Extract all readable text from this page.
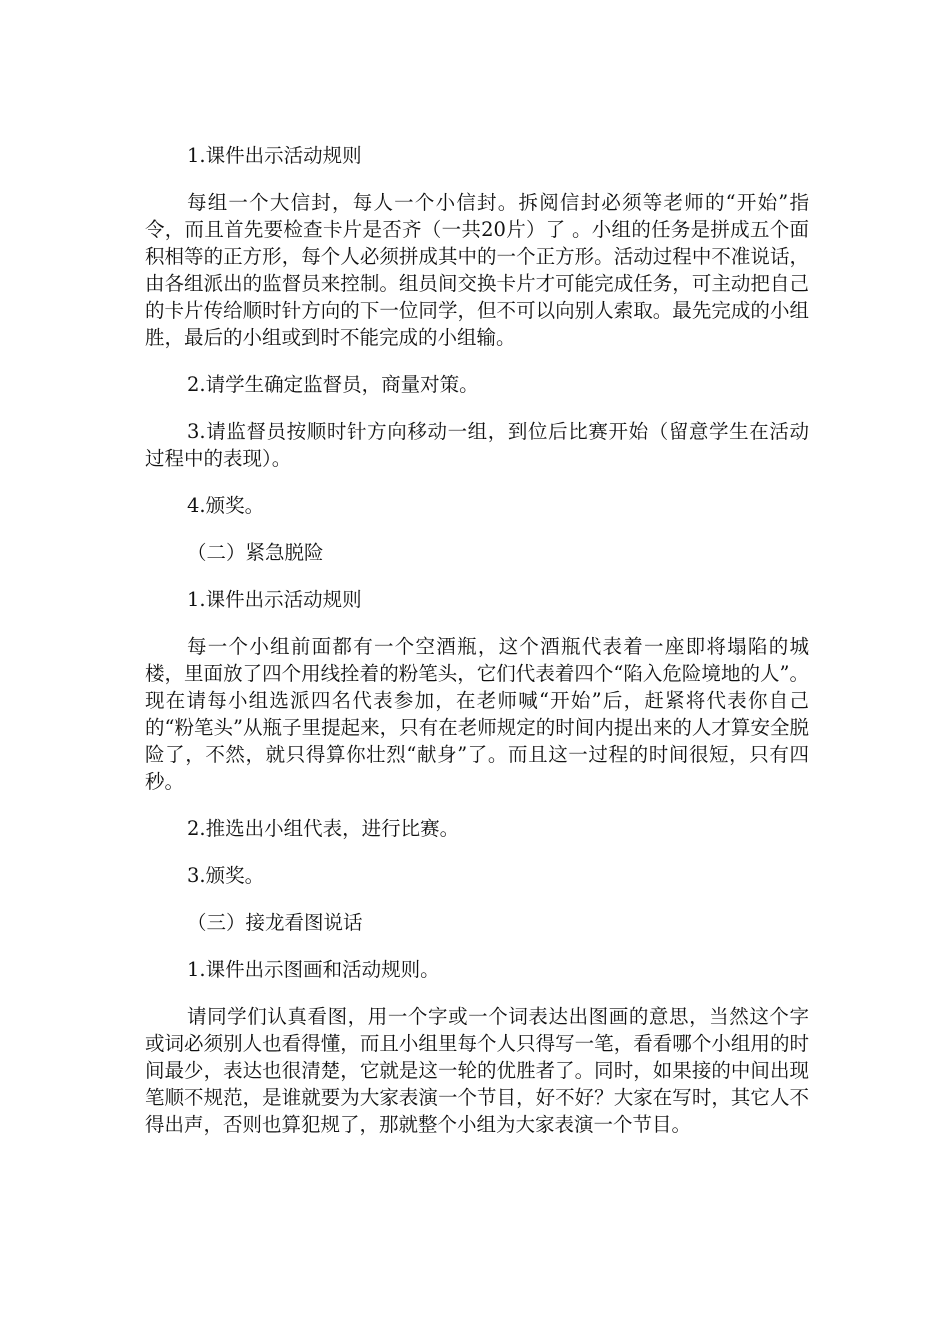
1.课件出示活动规则

每组一个大信封，每人一个小信封。拆阅信封必须等老师的“开始”指令，而且首先要检查卡片是否齐（一共20片）了 。小组的任务是拼成五个面积相等的正方形，每个人必须拼成其中的一个正方形。活动过程中不准说话，由各组派出的监督员来控制。组员间交换卡片才可能完成任务，可主动把自己的卡片传给顺时针方向的下一位同学，但不可以向别人索取。最先完成的小组胜，最后的小组或到时不能完成的小组输。

2.请学生确定监督员，商量对策。

3.请监督员按顺时针方向移动一组，到位后比赛开始（留意学生在活动过程中的表现）。

4.颁奖。

（二）紧急脱险

1.课件出示活动规则

每一个小组前面都有一个空酒瓶，这个酒瓶代表着一座即将塌陷的城楼，里面放了四个用线拴着的粉笔头，它们代表着四个“陷入危险境地的人”。现在请每小组选派四名代表参加，在老师喊“开始”后，赶紧将代表你自己的“粉笔头”从瓶子里提起来，只有在老师规定的时间内提出来的人才算安全脱险了，不然，就只得算你壮烈“献身”了。而且这一过程的时间很短，只有四秒。

2.推选出小组代表，进行比赛。

3.颁奖。

（三）接龙看图说话

1.课件出示图画和活动规则。

请同学们认真看图，用一个字或一个词表达出图画的意思，当然这个字或词必须别人也看得懂，而且小组里每个人只得写一笔，看看哪个小组用的时间最少，表达也很清楚，它就是这一轮的优胜者了。同时，如果接的中间出现笔顺不规范，是谁就要为大家表演一个节目，好不好？大家在写时，其它人不得出声，否则也算犯规了，那就整个小组为大家表演一个节目。
